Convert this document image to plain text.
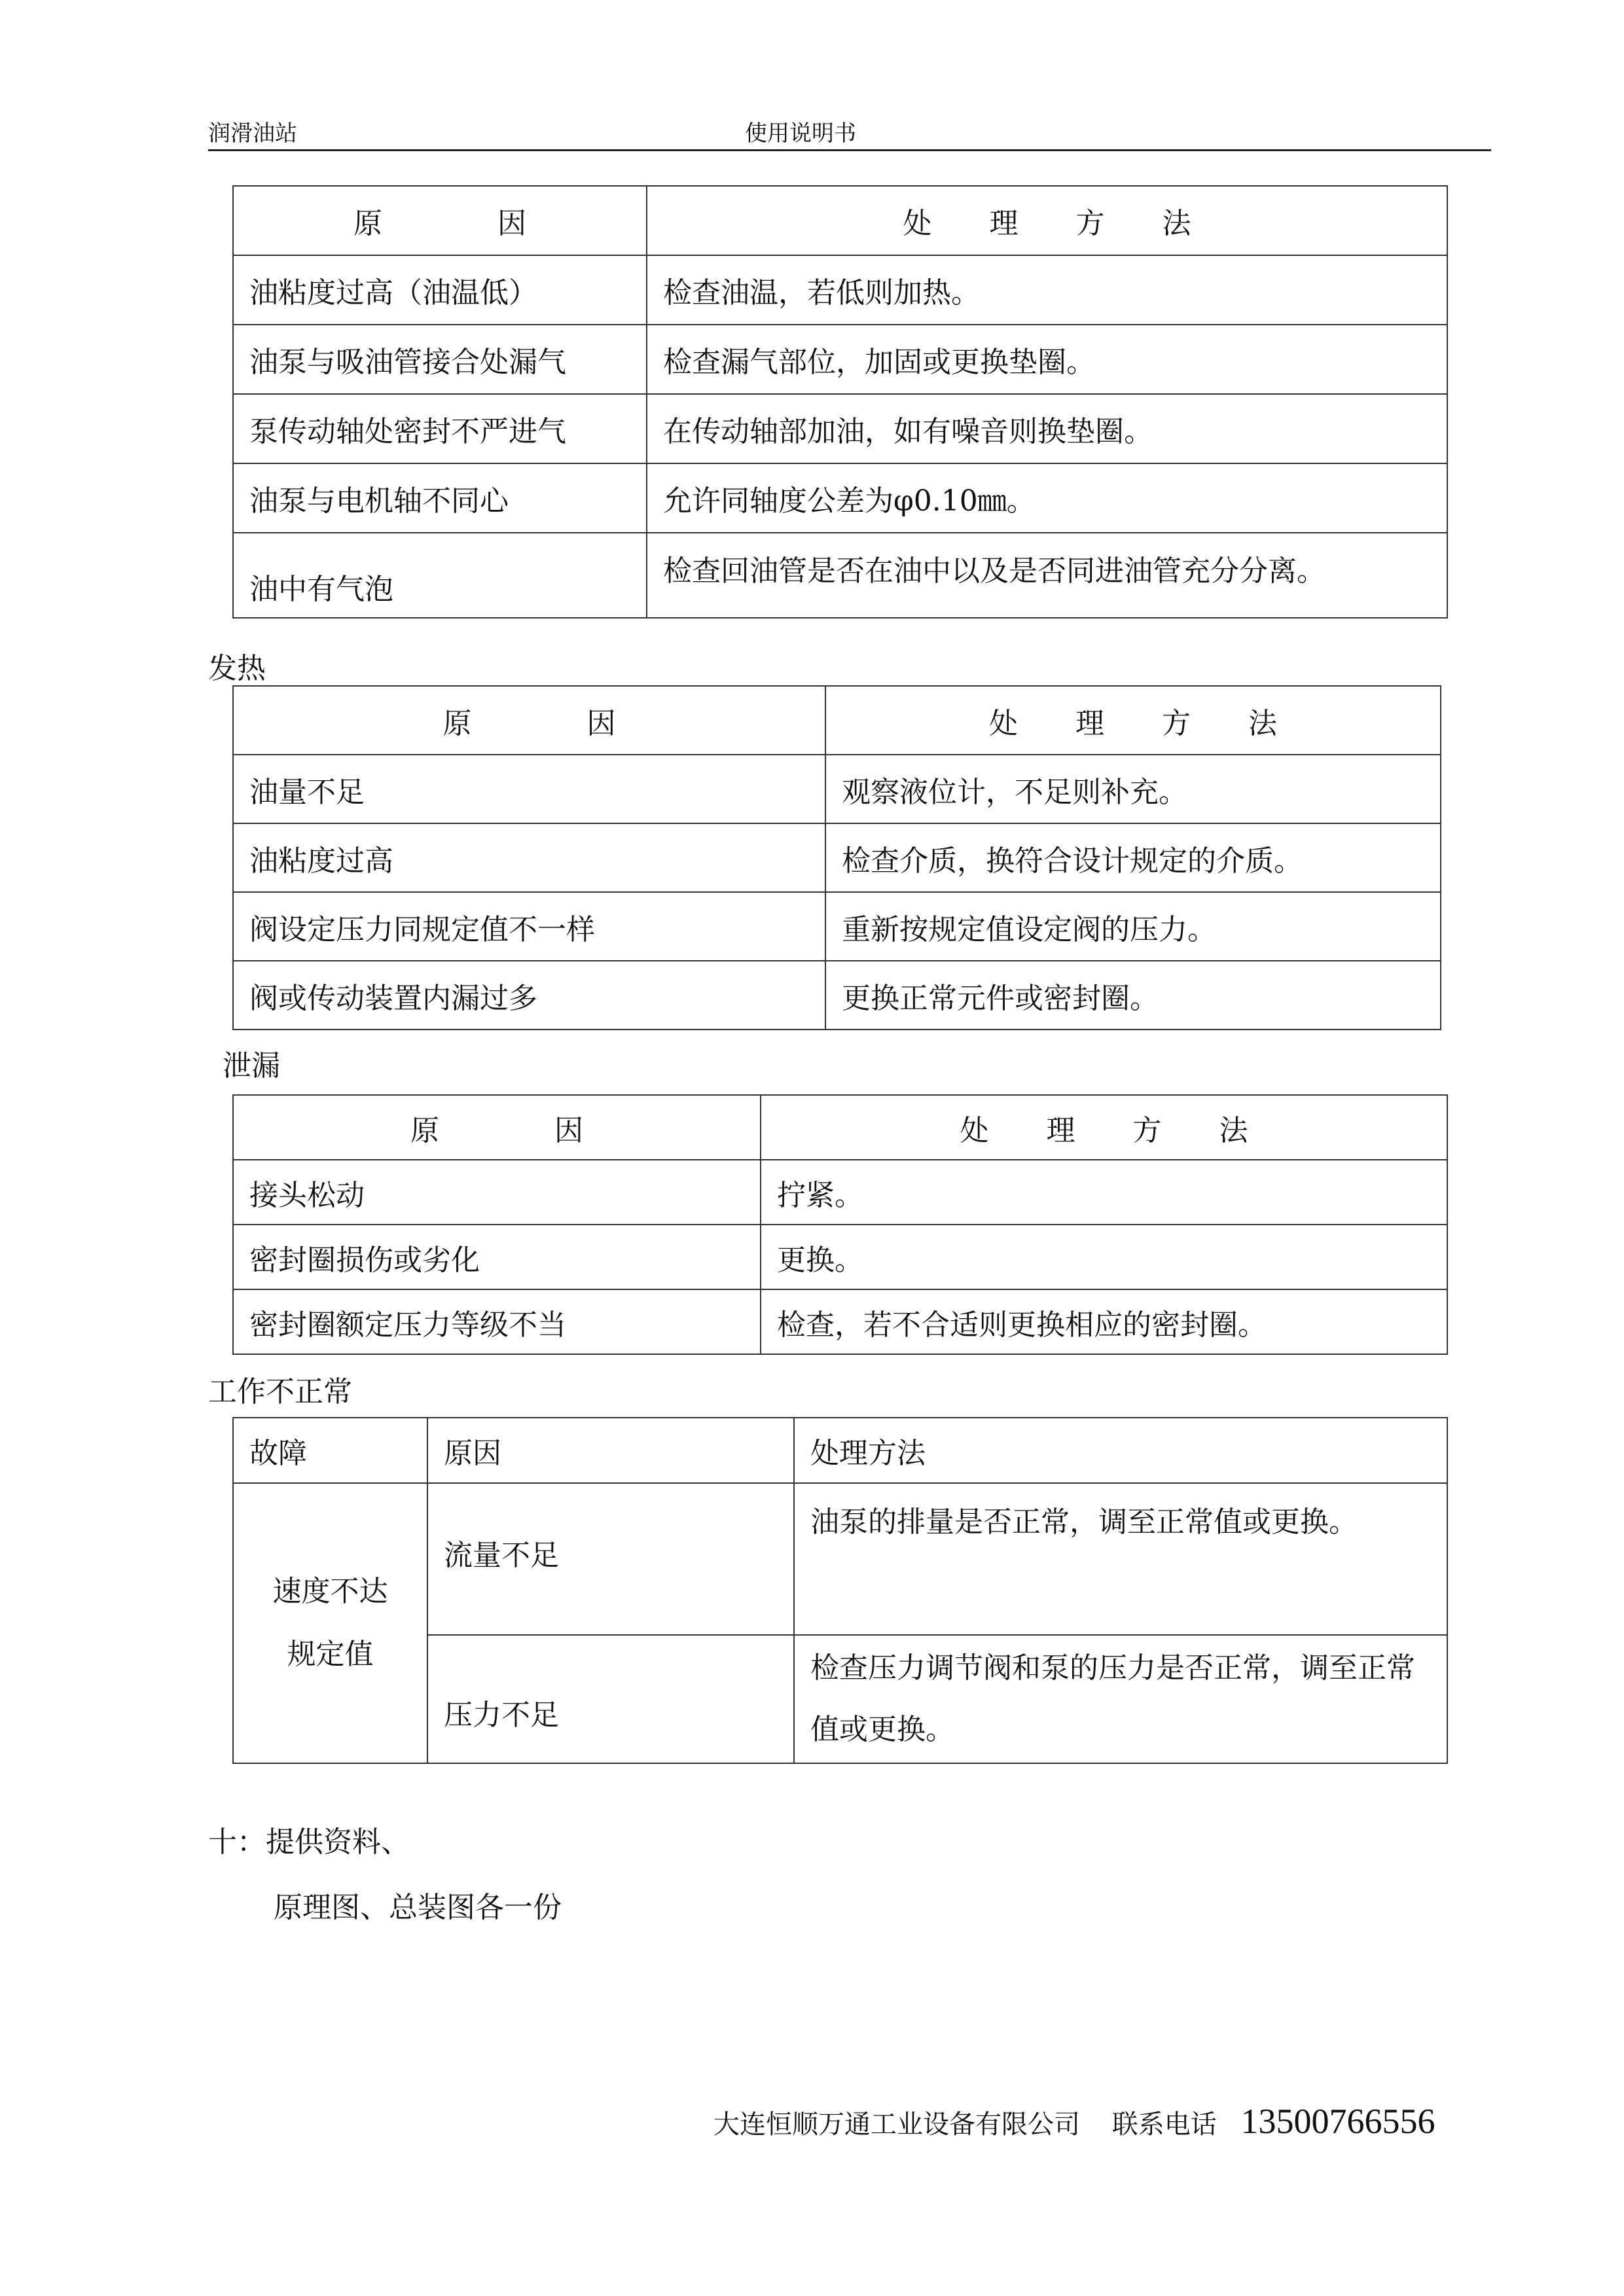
润滑油站	使用说明书
原　　　　因	处　　理　　方　　法
油粘度过高（油温低）	检查油温，若低则加热。
油泵与吸油管接合处漏气	检查漏气部位，加固或更换垫圈。
泵传动轴处密封不严进气	在传动轴部加油，如有噪音则换垫圈。
油泵与电机轴不同心	允许同轴度公差为φ0.10㎜。
油中有气泡	检查回油管是否在油中以及是否同进油管充分分离。
发热
原　　　　因	处　　理　　方　　法
油量不足	观察液位计，不足则补充。
油粘度过高	检查介质，换符合设计规定的介质。
阀设定压力同规定值不一样	重新按规定值设定阀的压力。
阀或传动装置内漏过多	更换正常元件或密封圈。
泄漏
原　　　　因	处　　理　　方　　法
接头松动	拧紧。
密封圈损伤或劣化	更换。
密封圈额定压力等级不当	检查，若不合适则更换相应的密封圈。
工作不正常
故障	原因	处理方法
速度不达规定值	流量不足	油泵的排量是否正常，调至正常值或更换。
	压力不足	检查压力调节阀和泵的压力是否正常，调至正常值或更换。
十：提供资料、
原理图、总装图各一份
大连恒顺万通工业设备有限公司 联系电话 13500766556
